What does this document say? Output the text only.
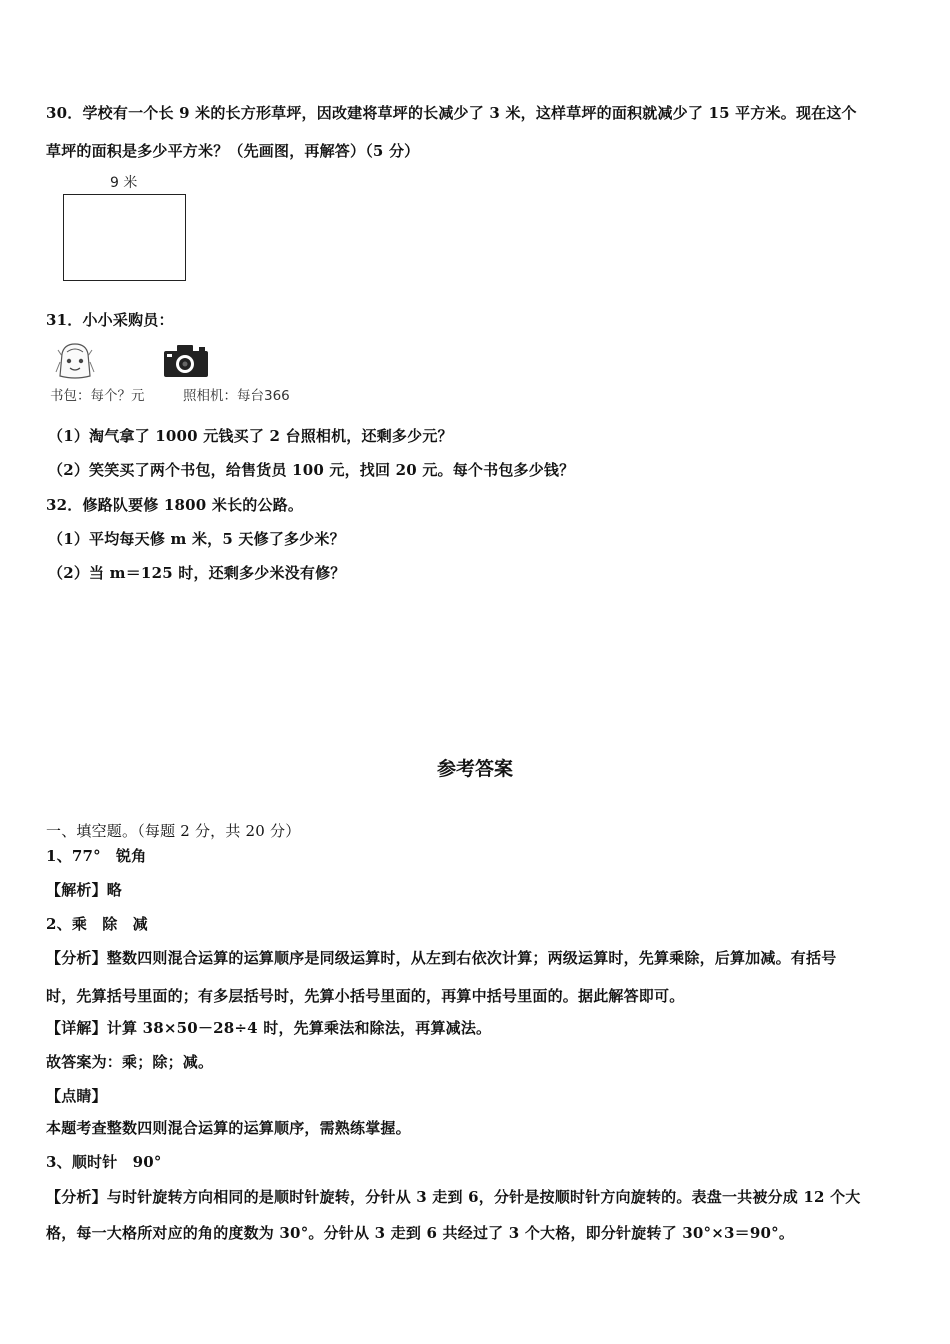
30．学校有一个长 9 米的长方形草坪，因改建将草坪的长减少了 3 米，这样草坪的面积就减少了 15 平方米。现在这个
草坪的面积是多少平方米？（先画图，再解答）（5 分）
9 米
31．小小采购员：
书包：每个？元	照相机：每台366
（1）淘气拿了 1000 元钱买了 2 台照相机，还剩多少元？
（2）笑笑买了两个书包，给售货员 100 元，找回 20 元。每个书包多少钱？
32．修路队要修 1800 米长的公路。
（1）平均每天修 m 米，5 天修了多少米？
（2）当 m＝125 时，还剩多少米没有修？
参考答案
一、填空题。（每题 2 分，共 20 分）
1、77°　锐角
【解析】略
2、乘　除　减
【分析】整数四则混合运算的运算顺序是同级运算时，从左到右依次计算；两级运算时，先算乘除，后算加减。有括号
时，先算括号里面的；有多层括号时，先算小括号里面的，再算中括号里面的。据此解答即可。
【详解】计算 38×50－28÷4 时，先算乘法和除法，再算减法。
故答案为：乘；除；减。
【点睛】
本题考查整数四则混合运算的运算顺序，需熟练掌握。
3、顺时针　90°
【分析】与时针旋转方向相同的是顺时针旋转，分针从 3 走到 6，分针是按顺时针方向旋转的。表盘一共被分成 12 个大
格，每一大格所对应的角的度数为 30°。分针从 3 走到 6 共经过了 3 个大格，即分针旋转了 30°×3＝90°。
